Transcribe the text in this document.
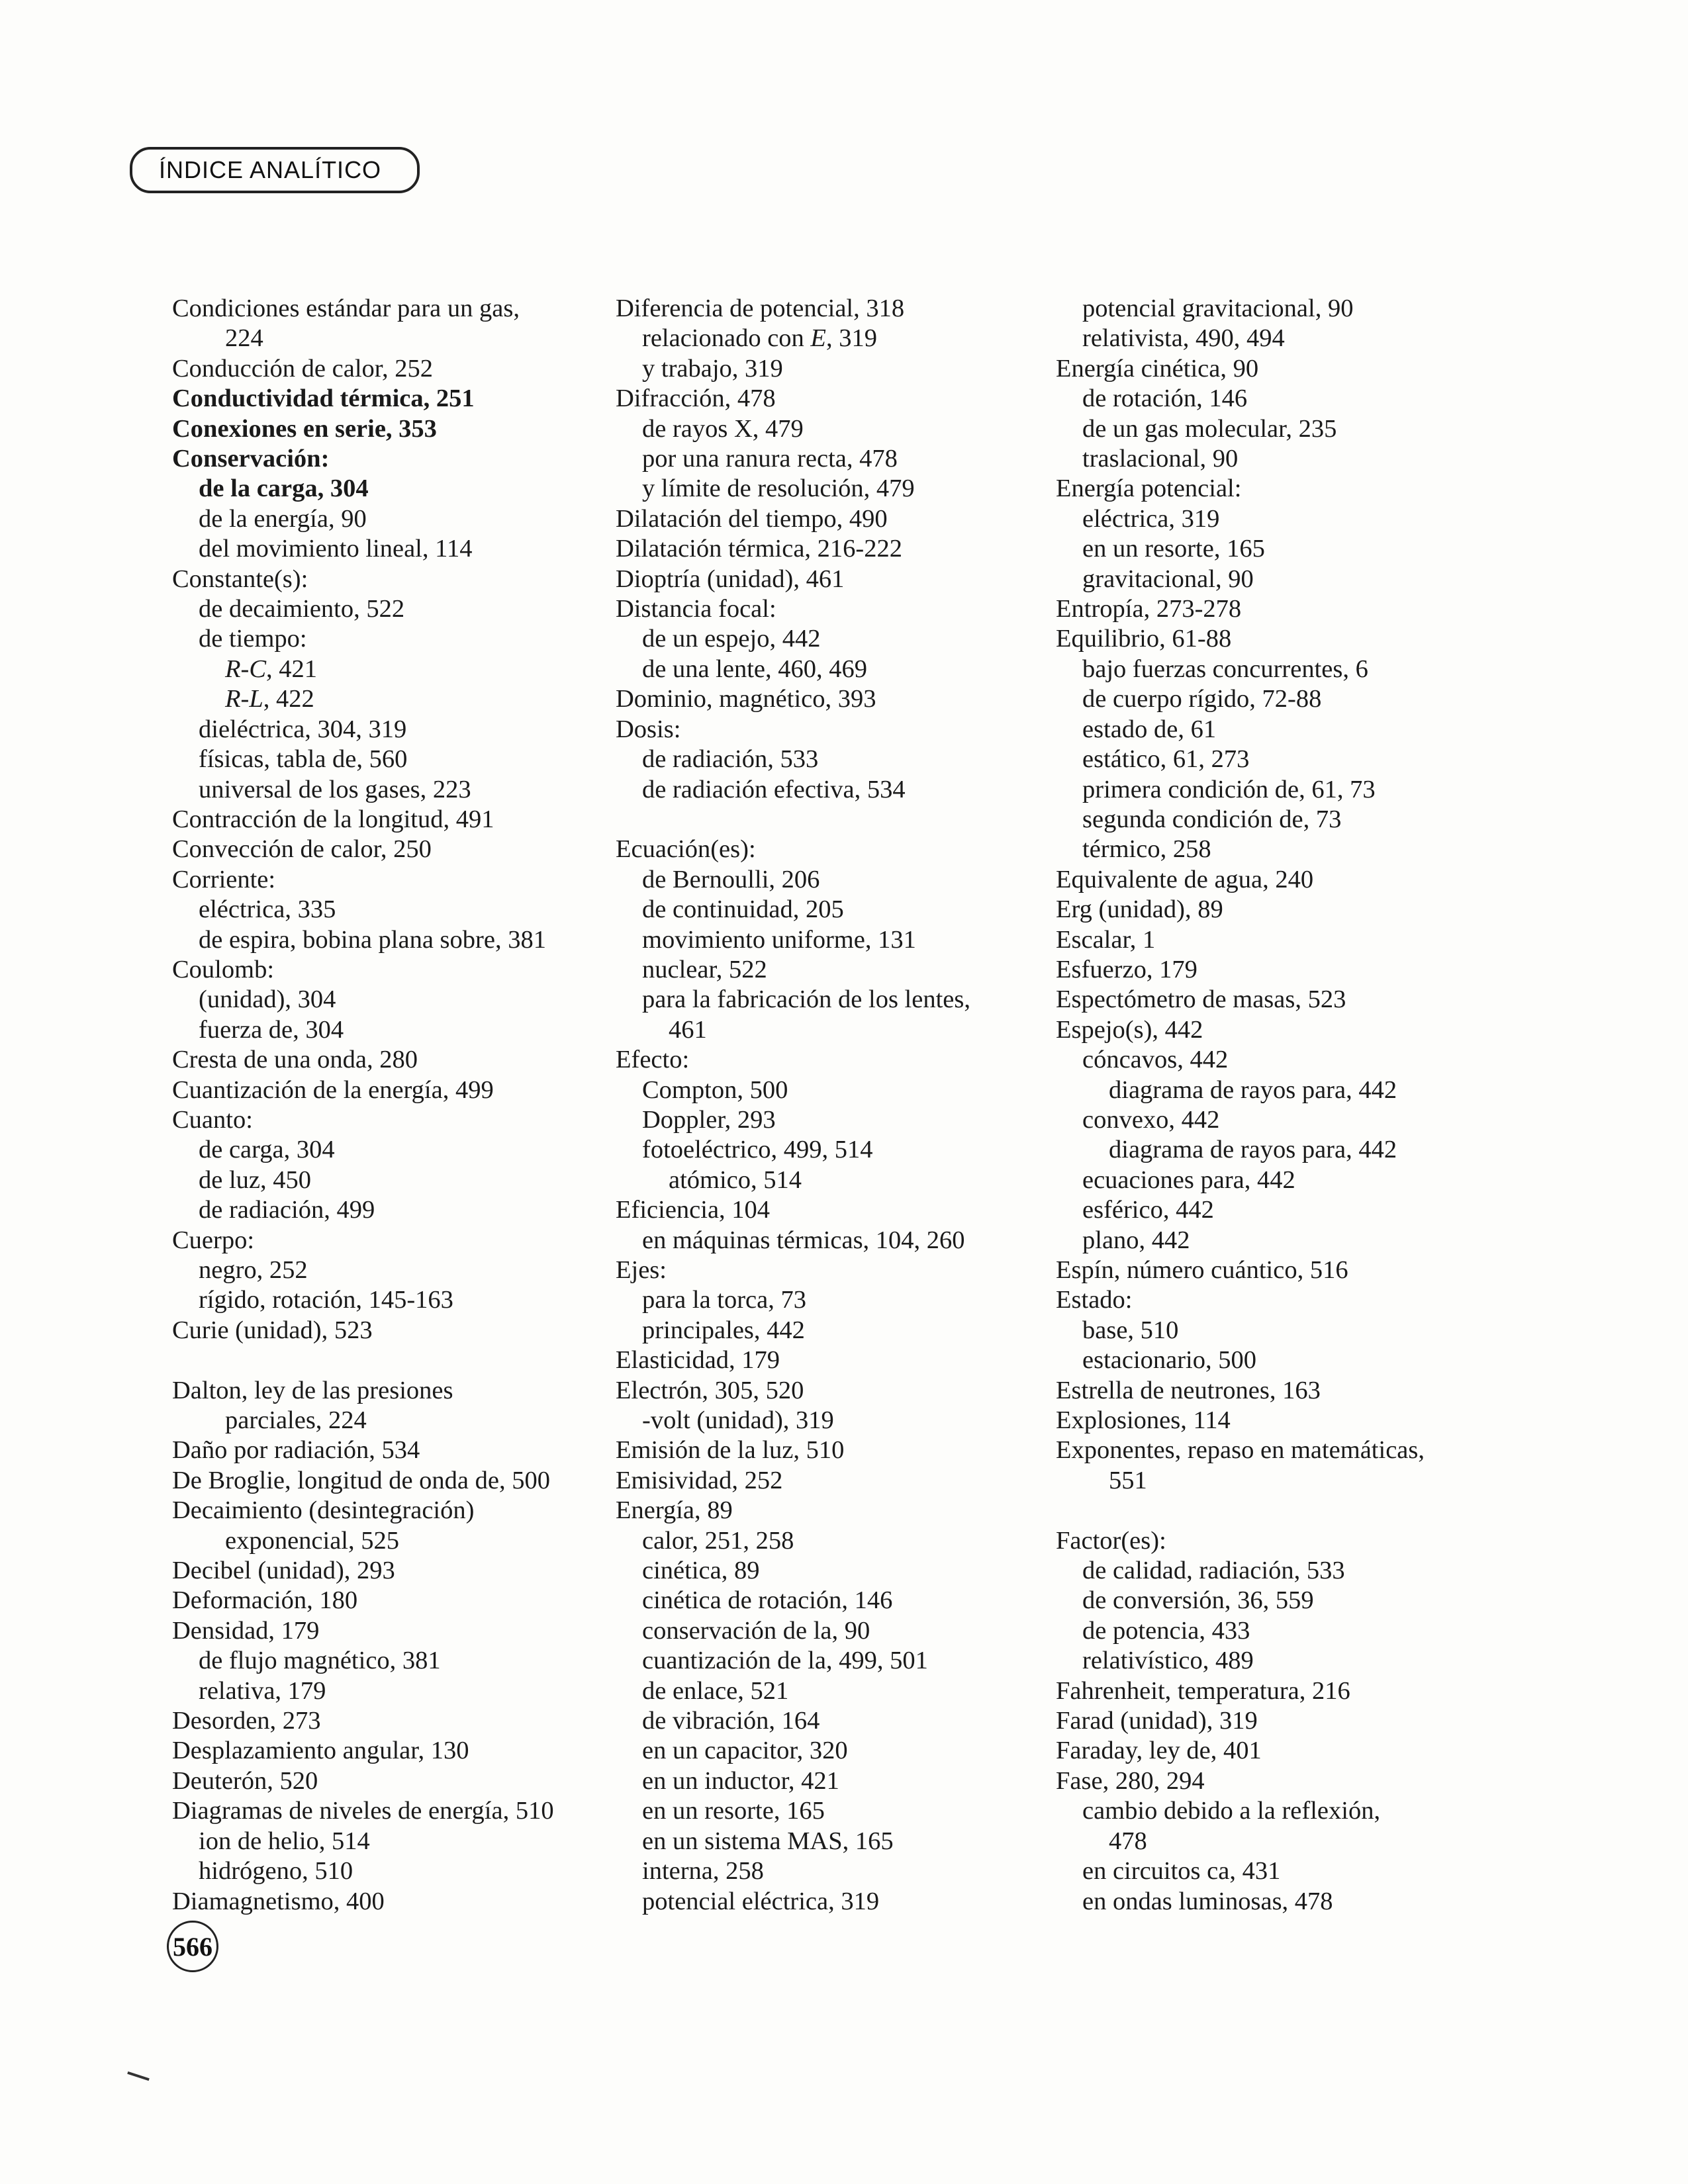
ÍNDICE ANALÍTICO
Condiciones estándar para un gas,
224
Conducción de calor, 252
Conductividad térmica, 251
Conexiones en serie, 353
Conservación:
de la carga, 304
de la energía, 90
del movimiento lineal, 114
Constante(s):
de decaimiento, 522
de tiempo:
R-C, 421
R-L, 422
dieléctrica, 304, 319
físicas, tabla de, 560
universal de los gases, 223
Contracción de la longitud, 491
Convección de calor, 250
Corriente:
eléctrica, 335
de espira, bobina plana sobre, 381
Coulomb:
(unidad), 304
fuerza de, 304
Cresta de una onda, 280
Cuantización de la energía, 499
Cuanto:
de carga, 304
de luz, 450
de radiación, 499
Cuerpo:
negro, 252
rígido, rotación, 145-163
Curie (unidad), 523
Dalton, ley de las presiones
parciales, 224
Daño por radiación, 534
De Broglie, longitud de onda de, 500
Decaimiento (desintegración)
exponencial, 525
Decibel (unidad), 293
Deformación, 180
Densidad, 179
de flujo magnético, 381
relativa, 179
Desorden, 273
Desplazamiento angular, 130
Deuterón, 520
Diagramas de niveles de energía, 510
ion de helio, 514
hidrógeno, 510
Diamagnetismo, 400
Diferencia de potencial, 318
relacionado con E, 319
y trabajo, 319
Difracción, 478
de rayos X, 479
por una ranura recta, 478
y límite de resolución, 479
Dilatación del tiempo, 490
Dilatación térmica, 216-222
Dioptría (unidad), 461
Distancia focal:
de un espejo, 442
de una lente, 460, 469
Dominio, magnético, 393
Dosis:
de radiación, 533
de radiación efectiva, 534
Ecuación(es):
de Bernoulli, 206
de continuidad, 205
movimiento uniforme, 131
nuclear, 522
para la fabricación de los lentes,
461
Efecto:
Compton, 500
Doppler, 293
fotoeléctrico, 499, 514
atómico, 514
Eficiencia, 104
en máquinas térmicas, 104, 260
Ejes:
para la torca, 73
principales, 442
Elasticidad, 179
Electrón, 305, 520
-volt (unidad), 319
Emisión de la luz, 510
Emisividad, 252
Energía, 89
calor, 251, 258
cinética, 89
cinética de rotación, 146
conservación de la, 90
cuantización de la, 499, 501
de enlace, 521
de vibración, 164
en un capacitor, 320
en un inductor, 421
en un resorte, 165
en un sistema MAS, 165
interna, 258
potencial eléctrica, 319
potencial gravitacional, 90
relativista, 490, 494
Energía cinética, 90
de rotación, 146
de un gas molecular, 235
traslacional, 90
Energía potencial:
eléctrica, 319
en un resorte, 165
gravitacional, 90
Entropía, 273-278
Equilibrio, 61-88
bajo fuerzas concurrentes, 6
de cuerpo rígido, 72-88
estado de, 61
estático, 61, 273
primera condición de, 61, 73
segunda condición de, 73
térmico, 258
Equivalente de agua, 240
Erg (unidad), 89
Escalar, 1
Esfuerzo, 179
Espectómetro de masas, 523
Espejo(s), 442
cóncavos, 442
diagrama de rayos para, 442
convexo, 442
diagrama de rayos para, 442
ecuaciones para, 442
esférico, 442
plano, 442
Espín, número cuántico, 516
Estado:
base, 510
estacionario, 500
Estrella de neutrones, 163
Explosiones, 114
Exponentes, repaso en matemáticas,
551
Factor(es):
de calidad, radiación, 533
de conversión, 36, 559
de potencia, 433
relativístico, 489
Fahrenheit, temperatura, 216
Farad (unidad), 319
Faraday, ley de, 401
Fase, 280, 294
cambio debido a la reflexión,
478
en circuitos ca, 431
en ondas luminosas, 478
566
